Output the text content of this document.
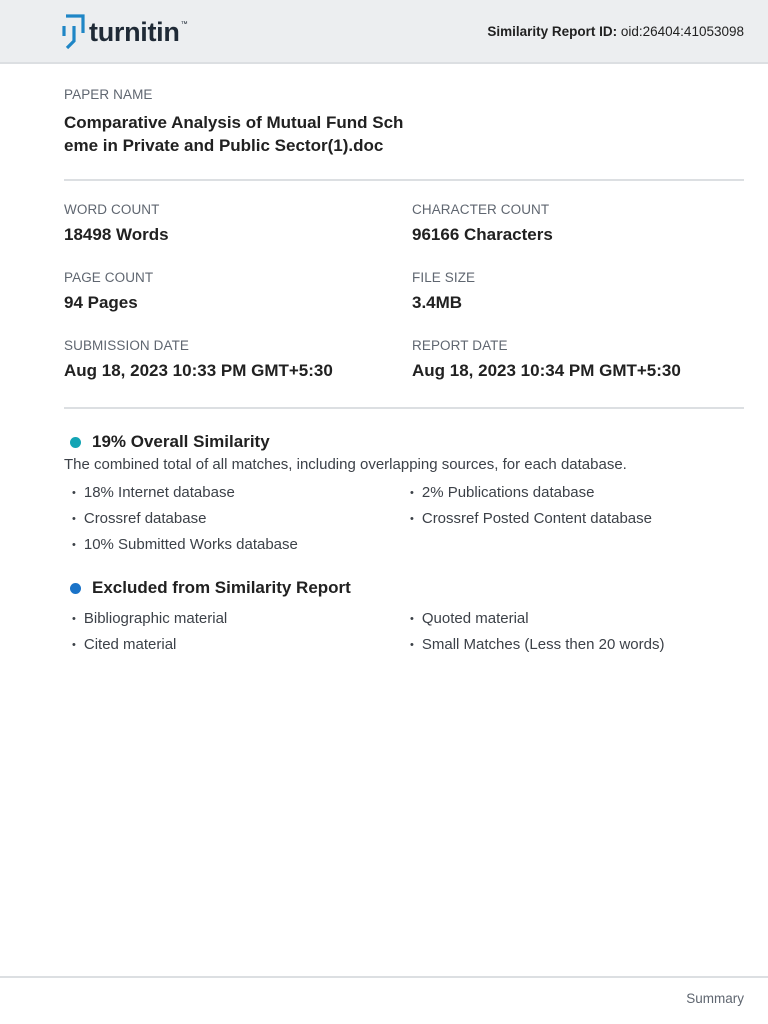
turnitin ™	Similarity Report ID: oid:26404:41053098
PAPER NAME
Comparative Analysis of Mutual Fund Scheme in Private and Public Sector(1).doc
WORD COUNT
18498 Words
CHARACTER COUNT
96166 Characters
PAGE COUNT
94 Pages
FILE SIZE
3.4MB
SUBMISSION DATE
Aug 18, 2023 10:33 PM GMT+5:30
REPORT DATE
Aug 18, 2023 10:34 PM GMT+5:30
19% Overall Similarity
The combined total of all matches, including overlapping sources, for each database.
• 18% Internet database
• Crossref database
• 10% Submitted Works database
• 2% Publications database
• Crossref Posted Content database
Excluded from Similarity Report
• Bibliographic material
• Cited material
• Quoted material
• Small Matches (Less then 20 words)
Summary
